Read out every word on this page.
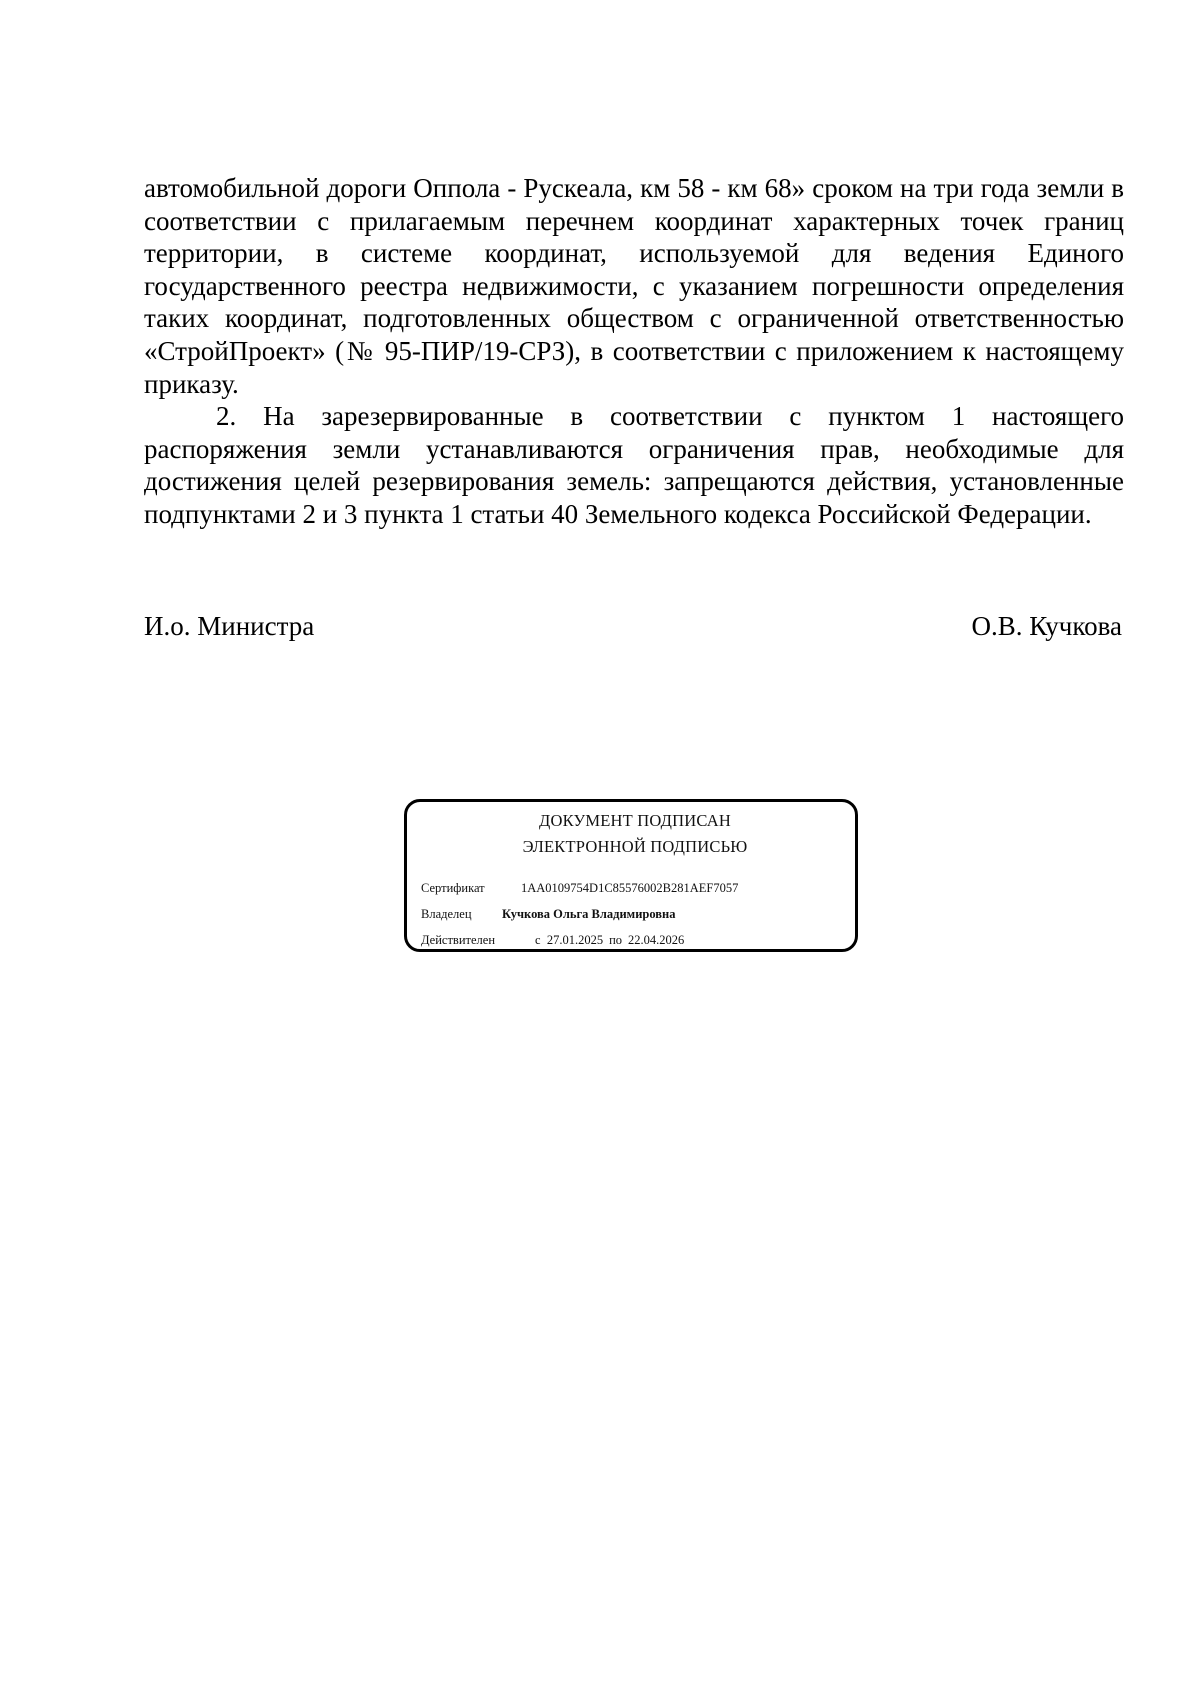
автомобильной дороги Оппола - Рускеала, км 58 - км 68» сроком на три года земли в соответствии с прилагаемым перечнем координат характерных точек границ территории, в системе координат, используемой для ведения Единого государственного реестра недвижимости, с указанием погрешности определения таких координат, подготовленных обществом с ограниченной ответственностью «СтройПроект» (№ 95-ПИР/19-СРЗ), в соответствии с приложением к настоящему приказу.

2. На зарезервированные в соответствии с пунктом 1 настоящего распоряжения земли устанавливаются ограничения прав, необходимые для достижения целей резервирования земель: запрещаются действия, установленные подпунктами 2 и 3 пункта 1 статьи 40 Земельного кодекса Российской Федерации.

И.о. Министра	О.В. Кучкова
ДОКУМЕНТ ПОДПИСАН
ЭЛЕКТРОННОЙ ПОДПИСЬЮ
Сертификат	1AA0109754D1C85576002B281AEF7057
Владелец Кучкова Ольга Владимировна
Действителен	с 27.01.2025 по 22.04.2026
